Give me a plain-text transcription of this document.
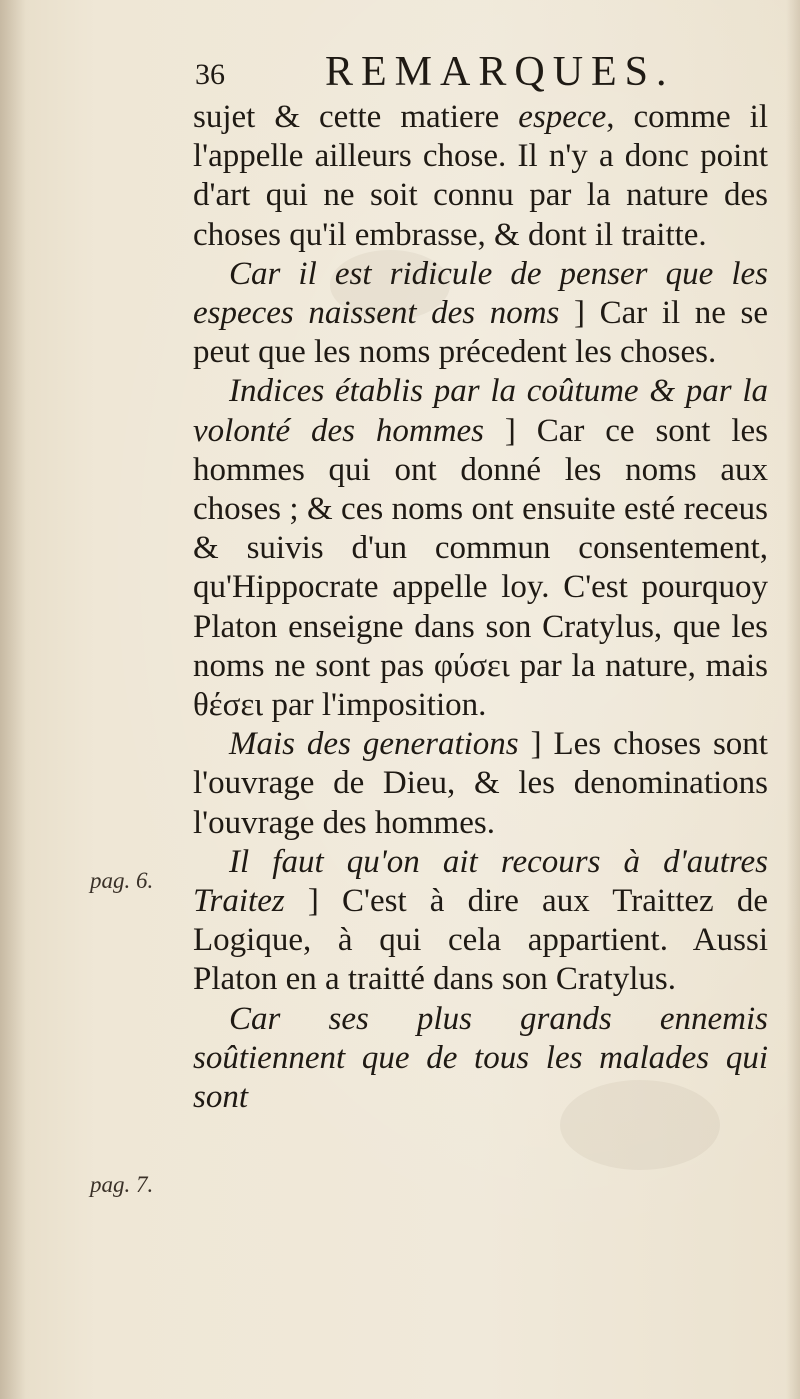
36 REMARQUES.

sujet & cette matiere espece, comme il l'appelle ailleurs chose. Il n'y a donc point d'art qui ne soit connu par la nature des choses qu'il embrasse, & dont il traitte.

Car il est ridicule de penser que les especes naissent des noms ] Car il ne se peut que les noms précedent les choses.

Indices établis par la coûtume & par la volonté des hommes ] Car ce sont les hommes qui ont donné les noms aux choses ; & ces noms ont ensuite esté receus & suivis d'un commun consentement, qu'Hippocrate appelle loy. C'est pourquoy Platon enseigne dans son Cratylus, que les noms ne sont pas φύσει par la nature, mais θέσει par l'imposition.

Mais des generations ] Les choses sont l'ouvrage de Dieu, & les denominations l'ouvrage des hommes.

Il faut qu'on ait recours à d'autres Traitez ] C'est à dire aux Traittez de Logique, à qui cela appartient. Aussi Platon en a traitté dans son Cratylus.

Car ses plus grands ennemis soûtiennent que de tous les malades qui sont

pag. 6.
pag. 7.
